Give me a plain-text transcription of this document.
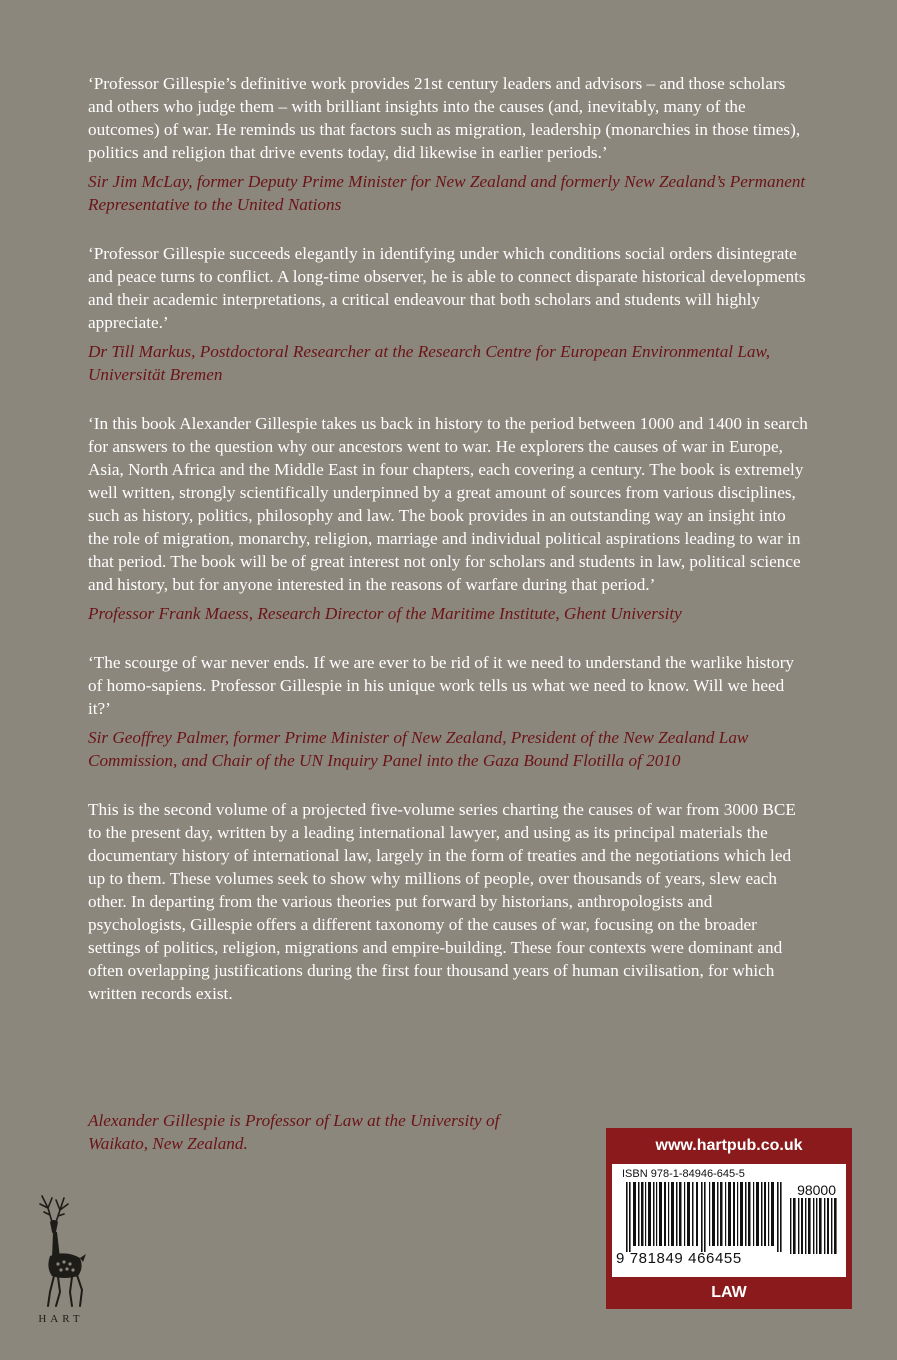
‘Professor Gillespie’s definitive work provides 21st century leaders and advisors – and those scholars and others who judge them – with brilliant insights into the causes (and, inevitably, many of the outcomes) of war. He reminds us that factors such as migration, leadership (monarchies in those times), politics and religion that drive events today, did likewise in earlier periods.’

Sir Jim McLay, former Deputy Prime Minister for New Zealand and formerly New Zealand’s Permanent Representative to the United Nations

‘Professor Gillespie succeeds elegantly in identifying under which conditions social orders disintegrate and peace turns to conflict. A long-time observer, he is able to connect disparate historical developments and their academic interpretations, a critical endeavour that both scholars and students will highly appreciate.’

Dr Till Markus, Postdoctoral Researcher at the Research Centre for European Environmental Law, Universität Bremen

‘In this book Alexander Gillespie takes us back in history to the period between 1000 and 1400 in search for answers to the question why our ancestors went to war. He explorers the causes of war in Europe, Asia, North Africa and the Middle East in four chapters, each covering a century. The book is extremely well written, strongly scientifically underpinned by a great amount of sources from various disciplines, such as history, politics, philosophy and law. The book provides in an outstanding way an insight into the role of migration, monarchy, religion, marriage and individual political aspirations leading to war in that period. The book will be of great interest not only for scholars and students in law, political science and history, but for anyone interested in the reasons of warfare during that period.’

Professor Frank Maess, Research Director of the Maritime Institute, Ghent University

‘The scourge of war never ends. If we are ever to be rid of it we need to understand the warlike history of homo-sapiens. Professor Gillespie in his unique work tells us what we need to know. Will we heed it?’

Sir Geoffrey Palmer, former Prime Minister of New Zealand, President of the New Zealand Law Commission, and Chair of the UN Inquiry Panel into the Gaza Bound Flotilla of 2010

This is the second volume of a projected five-volume series charting the causes of war from 3000 BCE to the present day, written by a leading international lawyer, and using as its principal materials the documentary history of international law, largely in the form of treaties and the negotiations which led up to them. These volumes seek to show why millions of people, over thousands of years, slew each other. In departing from the various theories put forward by historians, anthropologists and psychologists, Gillespie offers a different taxonomy of the causes of war, focusing on the broader settings of politics, religion, migrations and empire-building. These four contexts were dominant and often overlapping justifications during the first four thousand years of human civilisation, for which written records exist.

Alexander Gillespie is Professor of Law at the University of Waikato, New Zealand.

HART
www.hartpub.co.uk
ISBN 978-1-84946-645-5
98000
9 781849 466455
LAW
